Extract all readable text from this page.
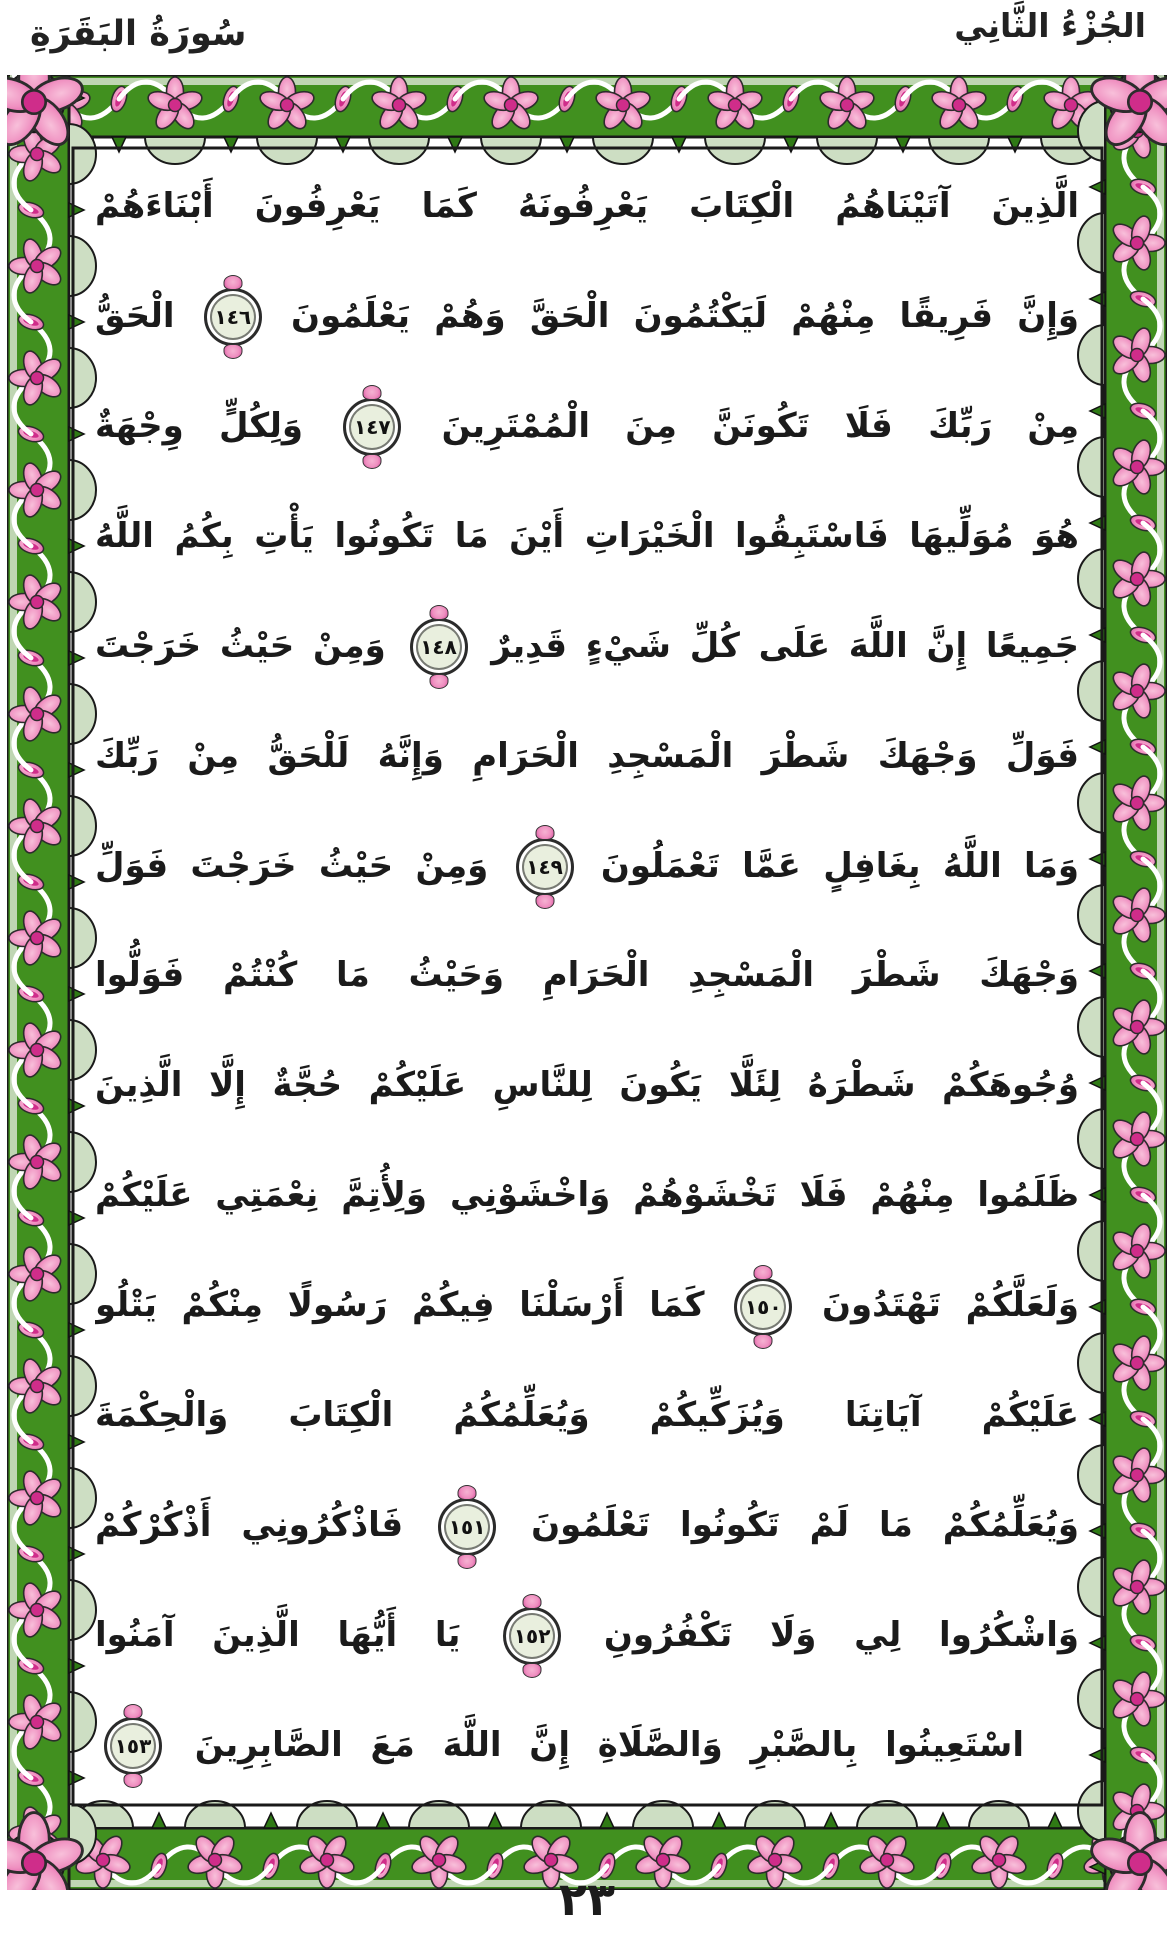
الجُزْءُ الثَّانِي
سُورَةُ البَقَرَةِ
الَّذِينَ آتَيْنَاهُمُ الْكِتَابَ يَعْرِفُونَهُ كَمَا يَعْرِفُونَ أَبْنَاءَهُمْ
وَإِنَّ فَرِيقًا مِنْهُمْ لَيَكْتُمُونَ الْحَقَّ وَهُمْ يَعْلَمُونَ
١٤٦
الْحَقُّ
مِنْ رَبِّكَ فَلَا تَكُونَنَّ مِنَ الْمُمْتَرِينَ
١٤٧
وَلِكُلٍّ وِجْهَةٌ
هُوَ مُوَلِّيهَا فَاسْتَبِقُوا الْخَيْرَاتِ أَيْنَ مَا تَكُونُوا يَأْتِ بِكُمُ اللَّهُ
جَمِيعًا إِنَّ اللَّهَ عَلَى كُلِّ شَيْءٍ قَدِيرٌ
١٤٨
وَمِنْ حَيْثُ خَرَجْتَ
فَوَلِّ وَجْهَكَ شَطْرَ الْمَسْجِدِ الْحَرَامِ وَإِنَّهُ لَلْحَقُّ مِنْ رَبِّكَ
وَمَا اللَّهُ بِغَافِلٍ عَمَّا تَعْمَلُونَ
١٤٩
وَمِنْ حَيْثُ خَرَجْتَ فَوَلِّ
وَجْهَكَ شَطْرَ الْمَسْجِدِ الْحَرَامِ وَحَيْثُ مَا كُنْتُمْ فَوَلُّوا
وُجُوهَكُمْ شَطْرَهُ لِئَلَّا يَكُونَ لِلنَّاسِ عَلَيْكُمْ حُجَّةٌ إِلَّا الَّذِينَ
ظَلَمُوا مِنْهُمْ فَلَا تَخْشَوْهُمْ وَاخْشَوْنِي وَلِأُتِمَّ نِعْمَتِي عَلَيْكُمْ
وَلَعَلَّكُمْ تَهْتَدُونَ
١٥٠
كَمَا أَرْسَلْنَا فِيكُمْ رَسُولًا مِنْكُمْ يَتْلُو
عَلَيْكُمْ آيَاتِنَا وَيُزَكِّيكُمْ وَيُعَلِّمُكُمُ الْكِتَابَ وَالْحِكْمَةَ
وَيُعَلِّمُكُمْ مَا لَمْ تَكُونُوا تَعْلَمُونَ
١٥١
فَاذْكُرُونِي أَذْكُرْكُمْ
وَاشْكُرُوا لِي وَلَا تَكْفُرُونِ
١٥٢
يَا أَيُّهَا الَّذِينَ آمَنُوا
اسْتَعِينُوا بِالصَّبْرِ وَالصَّلَاةِ إِنَّ اللَّهَ مَعَ الصَّابِرِينَ
١٥٣
٢٣
